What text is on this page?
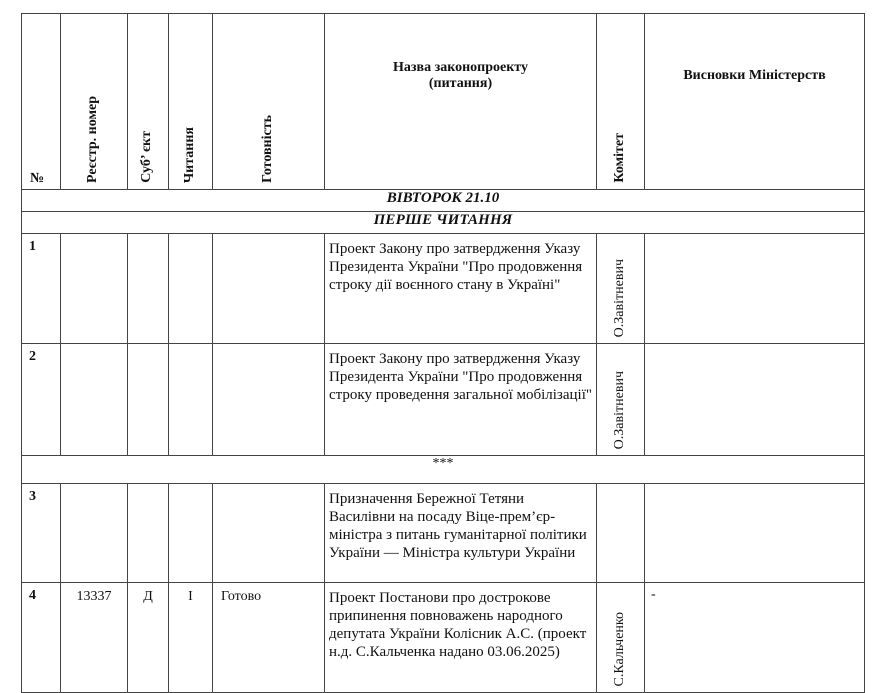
№	Реєстр. номер	Суб’ єкт	Читання	Готовність	Назва законопроекту
(питання)	Комітет	Висновки Міністерств
ВІВТОРОК 21.10							
ПЕРШЕ ЧИТАННЯ							
1					Проект Закону про затвердження Указу Президента України "Про продовження строку дії воєнного стану в Україні"	О.Завітневич	

2					Проект Закону про затвердження Указу Президента України "Про продовження строку проведення загальної мобілізації"	О.Завітневич	

***							
3					Призначення Бережної Тетяни Василівни на посаду Віце-прем’єр-міністра з питань гуманітарної політики України — Міністра культури України	

4	13337	Д	І	Готово	Проект Постанови про дострокове припинення повноважень народного депутата України Колісник А.С. (проект н.д. С.Кальченка надано 03.06.2025)	С.Кальченко	-
